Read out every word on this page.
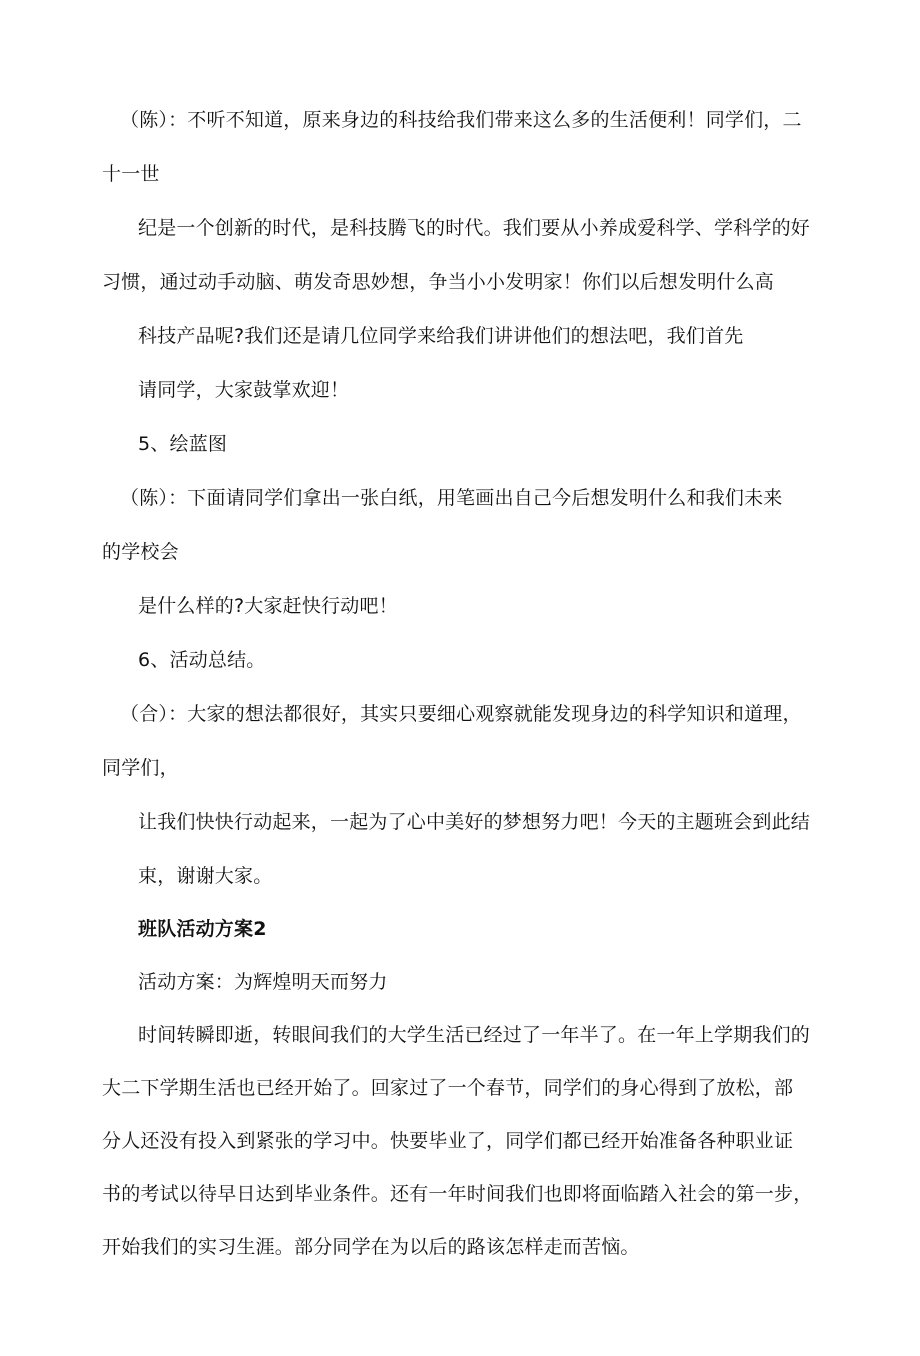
（陈）：不听不知道，原来身边的科技给我们带来这么多的生活便利！同学们，二
十一世
纪是一个创新的时代，是科技腾飞的时代。我们要从小养成爱科学、学科学的好
习惯，通过动手动脑、萌发奇思妙想，争当小小发明家！你们以后想发明什么高
科技产品呢?我们还是请几位同学来给我们讲讲他们的想法吧，我们首先
请同学，大家鼓掌欢迎！
5、绘蓝图
（陈）：下面请同学们拿出一张白纸，用笔画出自己今后想发明什么和我们未来
的学校会
是什么样的?大家赶快行动吧！
6、活动总结。
（合）：大家的想法都很好，其实只要细心观察就能发现身边的科学知识和道理，
同学们，
让我们快快行动起来，一起为了心中美好的梦想努力吧！今天的主题班会到此结
束，谢谢大家。
班队活动方案2
活动方案：为辉煌明天而努力
时间转瞬即逝，转眼间我们的大学生活已经过了一年半了。在一年上学期我们的
大二下学期生活也已经开始了。回家过了一个春节，同学们的身心得到了放松，部
分人还没有投入到紧张的学习中。快要毕业了，同学们都已经开始准备各种职业证
书的考试以待早日达到毕业条件。还有一年时间我们也即将面临踏入社会的第一步，
开始我们的实习生涯。部分同学在为以后的路该怎样走而苦恼。
